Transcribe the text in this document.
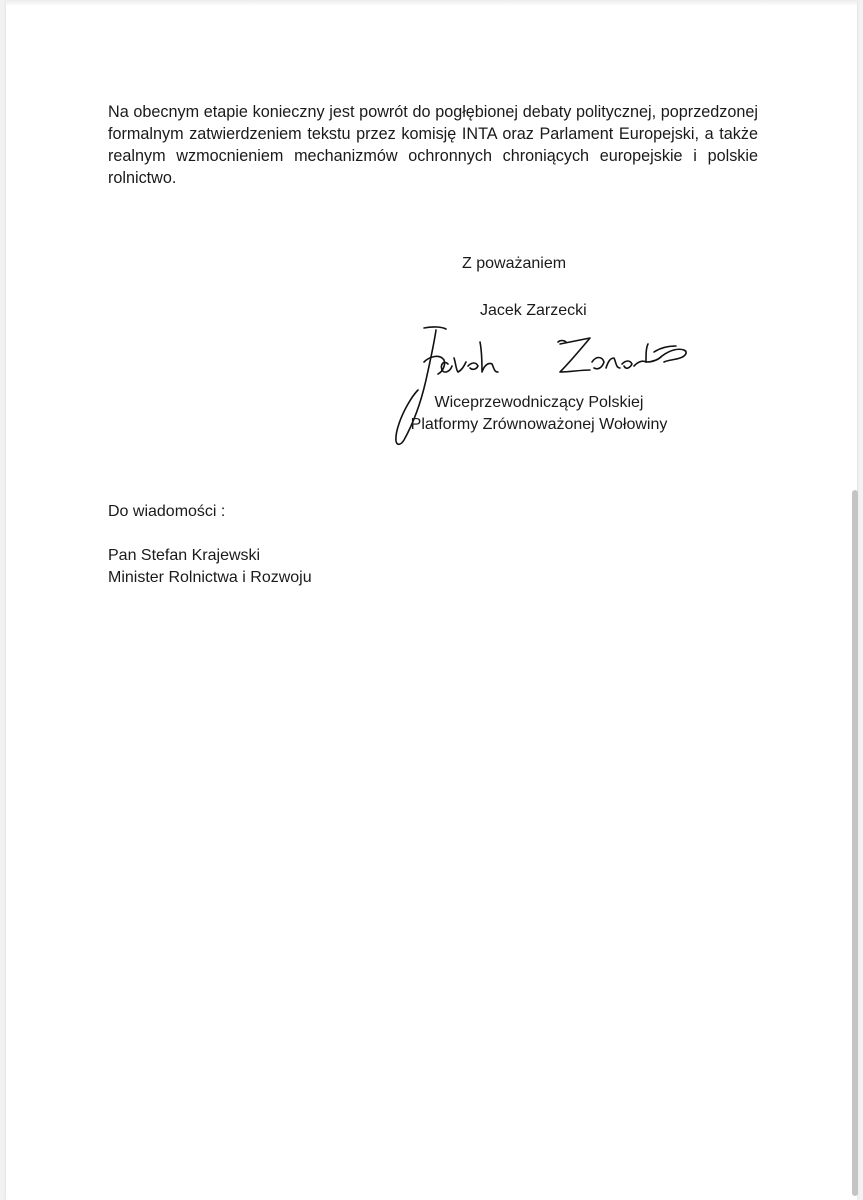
Na obecnym etapie konieczny jest powrót do pogłębionej debaty politycznej, poprzedzonej formalnym zatwierdzeniem tekstu przez komisję INTA oraz Parlament Europejski, a także realnym wzmocnieniem mechanizmów ochronnych chroniących europejskie i polskie rolnictwo.

Z poważaniem

Jacek Zarzecki

Wiceprzewodniczący Polskiej
Platformy Zrównoważonej Wołowiny

Do wiadomości :

Pan Stefan Krajewski
Minister Rolnictwa i Rozwoju
